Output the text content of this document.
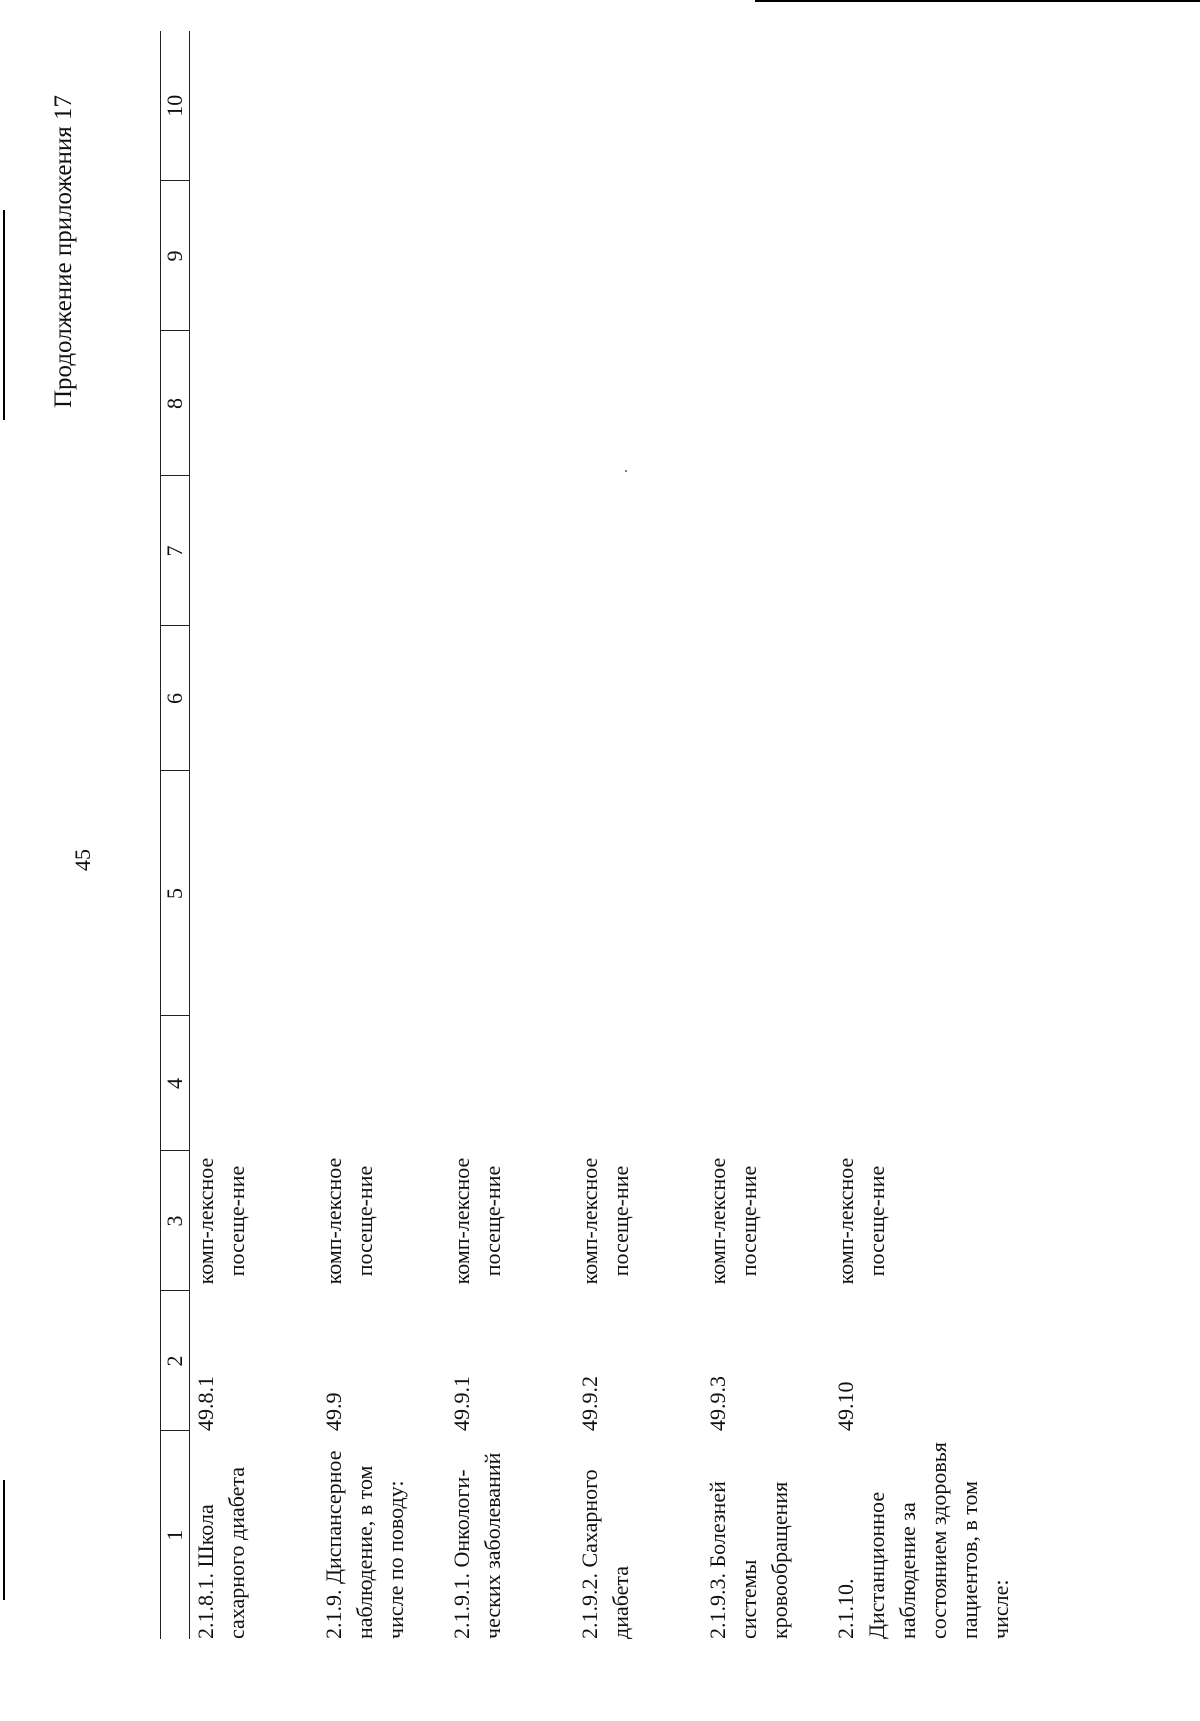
45
Продолжение приложения 17
1	2	3	4	5	6	7	8	9	10
2.1.8.1. Школа сахарного диабета	49.8.1	комп-лексное посеще-ние							
2.1.9. Диспансерное наблюдение, в том числе по поводу:	49.9	комп-лексное посеще-ние							
2.1.9.1. Онкологи-ческих заболеваний	49.9.1	комп-лексное посеще-ние							
2.1.9.2. Сахарного диабета	49.9.2	комп-лексное посеще-ние							
2.1.9.3. Болезней системы кровообращения	49.9.3	комп-лексное посеще-ние							
2.1.10. Дистанционное наблюдение за состоянием здоровья пациентов, в том числе:	49.10	комп-лексное посеще-ние							
